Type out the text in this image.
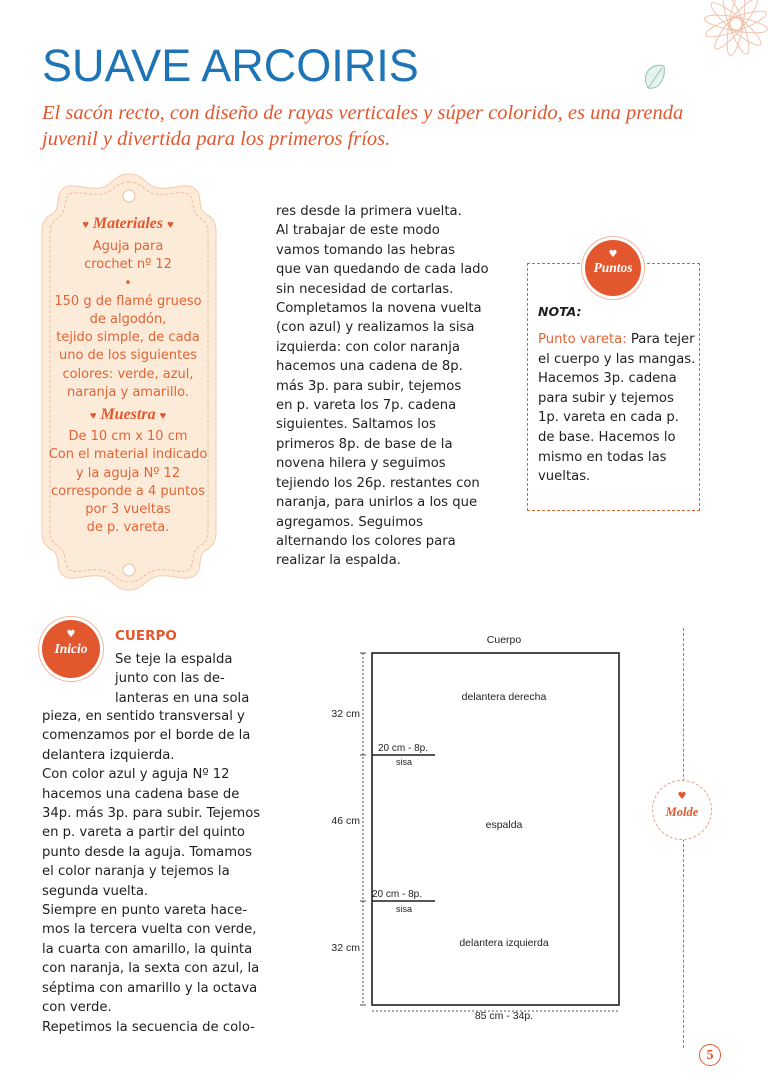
SUAVE ARCOIRIS
El sacón recto, con diseño de rayas verticales y súper colorido, es una prenda juvenil y divertida para los primeros fríos.
♥ Materiales ♥
Aguja para
crochet nº 12
•
150 g de flamé grueso
de algodón,
tejido simple, de cada
uno de los siguientes
colores: verde, azul,
naranja y amarillo.
♥ Muestra ♥
De 10 cm x 10 cm
Con el material indicado
y la aguja Nº 12
corresponde a 4 puntos
por 3 vueltas
de p. vareta.
res desde la primera vuelta.
Al trabajar de este modo
vamos tomando las hebras
que van quedando de cada lado
sin necesidad de cortarlas.
Completamos la novena vuelta
(con azul) y realizamos la sisa
izquierda: con color naranja
hacemos una cadena de 8p.
más 3p. para subir, tejemos
en p. vareta los 7p. cadena
siguientes. Saltamos los
primeros 8p. de base de la
novena hilera y seguimos
tejiendo los 26p. restantes con
naranja, para unirlos a los que
agregamos. Seguimos
alternando los colores para
realizar la espalda.
♥
Puntos
NOTA:
Punto vareta: Para tejer
el cuerpo y las mangas.
Hacemos 3p. cadena
para subir y tejemos
1p. vareta en cada p.
de base. Hacemos lo
mismo en todas las
vueltas.
♥
Inicio
CUERPO
Se teje la espalda
junto con las de-
lanteras en una sola
pieza, en sentido transversal y
comenzamos por el borde de la
delantera izquierda.
Con color azul y aguja Nº 12
hacemos una cadena base de
34p. más 3p. para subir. Tejemos
en p. vareta a partir del quinto
punto desde la aguja. Tomamos
el color naranja y tejemos la
segunda vuelta.
Siempre en punto vareta hace-
mos la tercera vuelta con verde,
la cuarta con amarillo, la quinta
con naranja, la sexta con azul, la
séptima con amarillo y la octava
con verde.
Repetimos la secuencia de colo-
Cuerpo
32 cm
46 cm
32 cm
20 cm - 8p.
sisa
20 cm - 8p.
sisa
delantera derecha
espalda
delantera izquierda
85 cm - 34p.
♥
Molde
5
